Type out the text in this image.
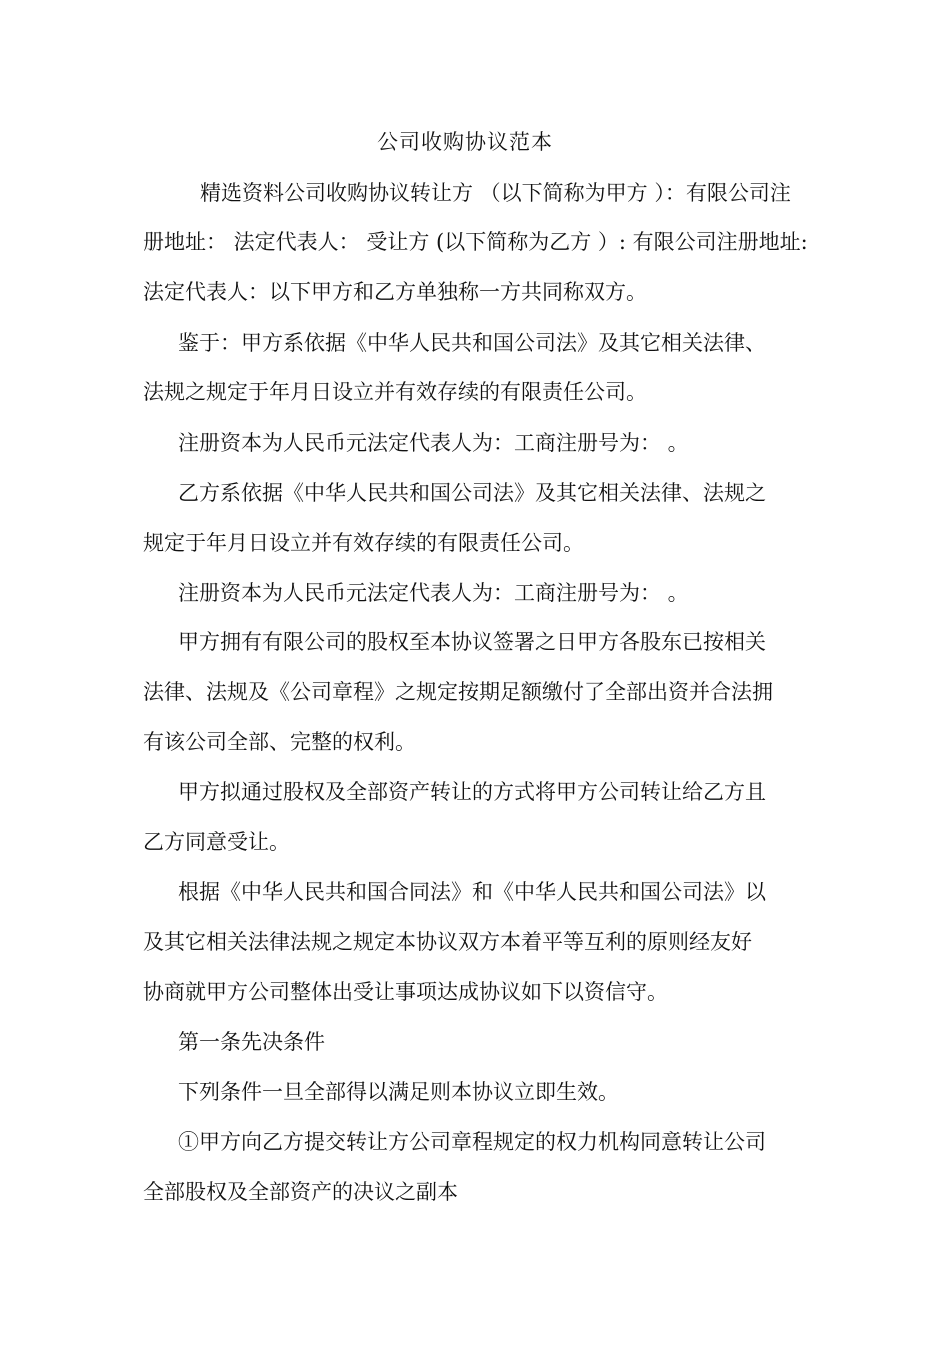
公司收购协议范本
精选资料公司收购协议转让方 （以下简称为甲方 ）：有限公司注
册地址： 法定代表人： 受让方 (以下简称为乙方 ）: 有限公司注册地址:
法定代表人：以下甲方和乙方单独称一方共同称双方。
鉴于：甲方系依据《中华人民共和国公司法》及其它相关法律、
法规之规定于年月日设立并有效存续的有限责任公司。
注册资本为人民币元法定代表人为：工商注册号为： 。
乙方系依据《中华人民共和国公司法》及其它相关法律、法规之
规定于年月日设立并有效存续的有限责任公司。
注册资本为人民币元法定代表人为：工商注册号为： 。
甲方拥有有限公司的股权至本协议签署之日甲方各股东已按相关
法律、法规及《公司章程》之规定按期足额缴付了全部出资并合法拥
有该公司全部、完整的权利。
甲方拟通过股权及全部资产转让的方式将甲方公司转让给乙方且
乙方同意受让。
根据《中华人民共和国合同法》和《中华人民共和国公司法》以
及其它相关法律法规之规定本协议双方本着平等互利的原则经友好
协商就甲方公司整体出受让事项达成协议如下以资信守。
第一条先决条件
下列条件一旦全部得以满足则本协议立即生效。
①甲方向乙方提交转让方公司章程规定的权力机构同意转让公司
全部股权及全部资产的决议之副本
